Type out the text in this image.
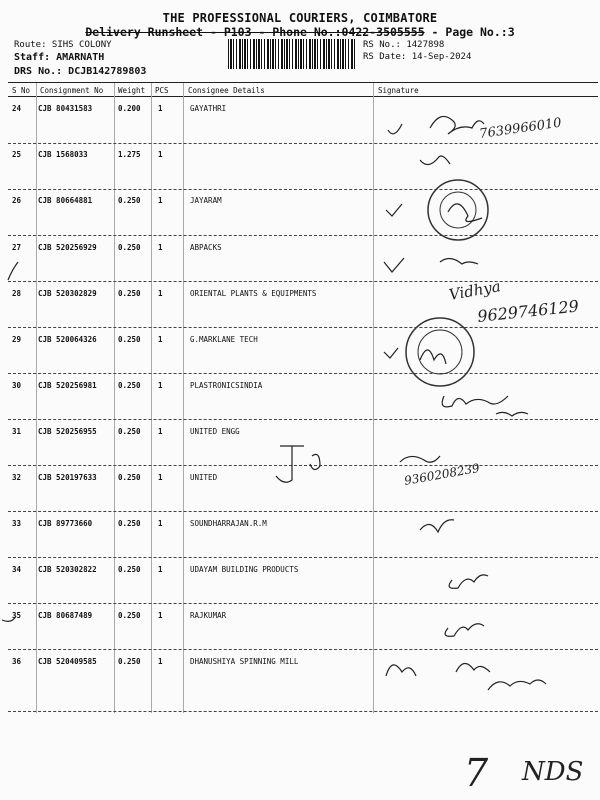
THE PROFESSIONAL COURIERS, COIMBATORE
Delivery Runsheet - P103 - Phone No.:0422-3505555 - Page No.:3
Route: SIHS COLONY
Staff: AMARNATH
DRS No.: DCJB142789803
RS No.: 1427898
RS Date: 14-Sep-2024
S No Consignment No Weight PCS	Consignee Details	Signature
24 CJB 80431583	0.200 1	GAYATHRI
25 CJB 1568033	1.275 1
26 CJB 80664881	0.250 1	JAYARAM
27 CJB 520256929	0.250 1	ABPACKS
28 CJB 520302829	0.250 1	ORIENTAL PLANTS & EQUIPMENTS
29 CJB 520064326	0.250 1	G.MARKLANE TECH
30 CJB 520256981	0.250 1	PLASTRONICSINDIA
31 CJB 520256955	0.250 1	UNITED ENGG
32 CJB 520197633	0.250 1	UNITED
33 CJB 89773660	0.250 1	SOUNDHARRAJAN.R.M
34 CJB 520302822	0.250 1	UDAYAM BUILDING PRODUCTS
35 CJB 80687489	0.250 1	RAJKUMAR
36 CJB 520409585	0.250 1	DHANUSHIYA SPINNING MILL
7639966010
Vidhya
9629746129
9360208239
7 NDS
